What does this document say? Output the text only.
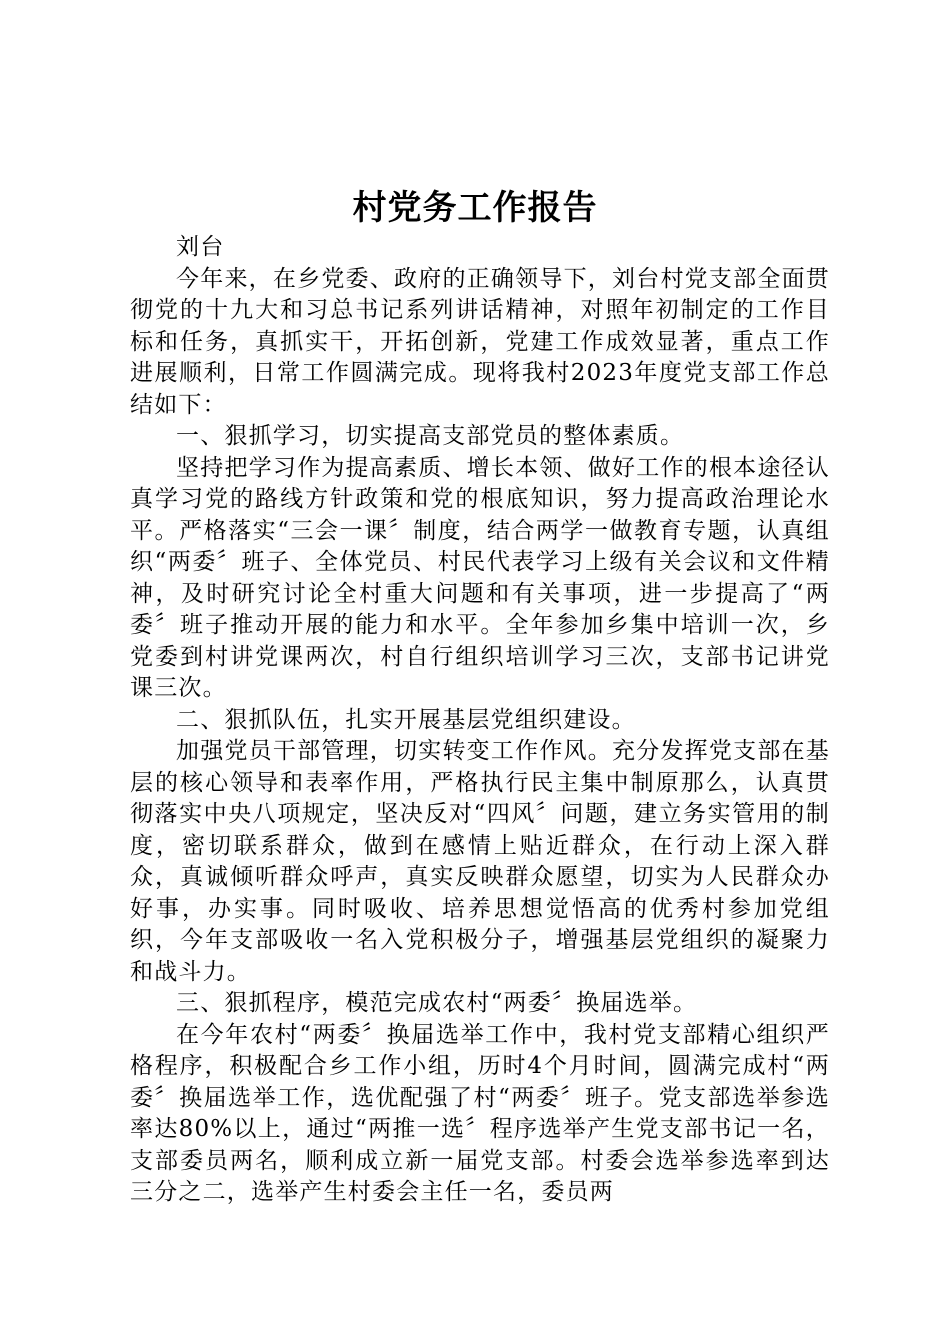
村党务工作报告

刘台

今年来，在乡党委、政府的正确领导下，刘台村党支部全面贯彻党的十九大和习总书记系列讲话精神，对照年初制定的工作目标和任务，真抓实干，开拓创新，党建工作成效显著，重点工作进展顺利，日常工作圆满完成。现将我村2023年度党支部工作总结如下：

一、狠抓学习，切实提高支部党员的整体素质。

坚持把学习作为提高素质、增长本领、做好工作的根本途径认真学习党的路线方针政策和党的根底知识，努力提高政治理论水平。严格落实“三会一课〞制度，结合两学一做教育专题，认真组织“两委〞班子、全体党员、村民代表学习上级有关会议和文件精神，及时研究讨论全村重大问题和有关事项，进一步提高了“两委〞班子推动开展的能力和水平。全年参加乡集中培训一次，乡党委到村讲党课两次，村自行组织培训学习三次，支部书记讲党课三次。

二、狠抓队伍，扎实开展基层党组织建设。

加强党员干部管理，切实转变工作作风。充分发挥党支部在基层的核心领导和表率作用，严格执行民主集中制原那么，认真贯彻落实中央八项规定，坚决反对“四风〞问题，建立务实管用的制度，密切联系群众，做到在感情上贴近群众，在行动上深入群众，真诚倾听群众呼声，真实反映群众愿望，切实为人民群众办好事，办实事。同时吸收、培养思想觉悟高的优秀村参加党组织，今年支部吸收一名入党积极分子，增强基层党组织的凝聚力和战斗力。

三、狠抓程序，模范完成农村“两委〞换届选举。

在今年农村“两委〞换届选举工作中，我村党支部精心组织严格程序，积极配合乡工作小组，历时4个月时间，圆满完成村“两委〞换届选举工作，选优配强了村“两委〞班子。党支部选举参选率达80%以上，通过“两推一选〞程序选举产生党支部书记一名，支部委员两名，顺利成立新一届党支部。村委会选举参选率到达三分之二，选举产生村委会主任一名，委员两
